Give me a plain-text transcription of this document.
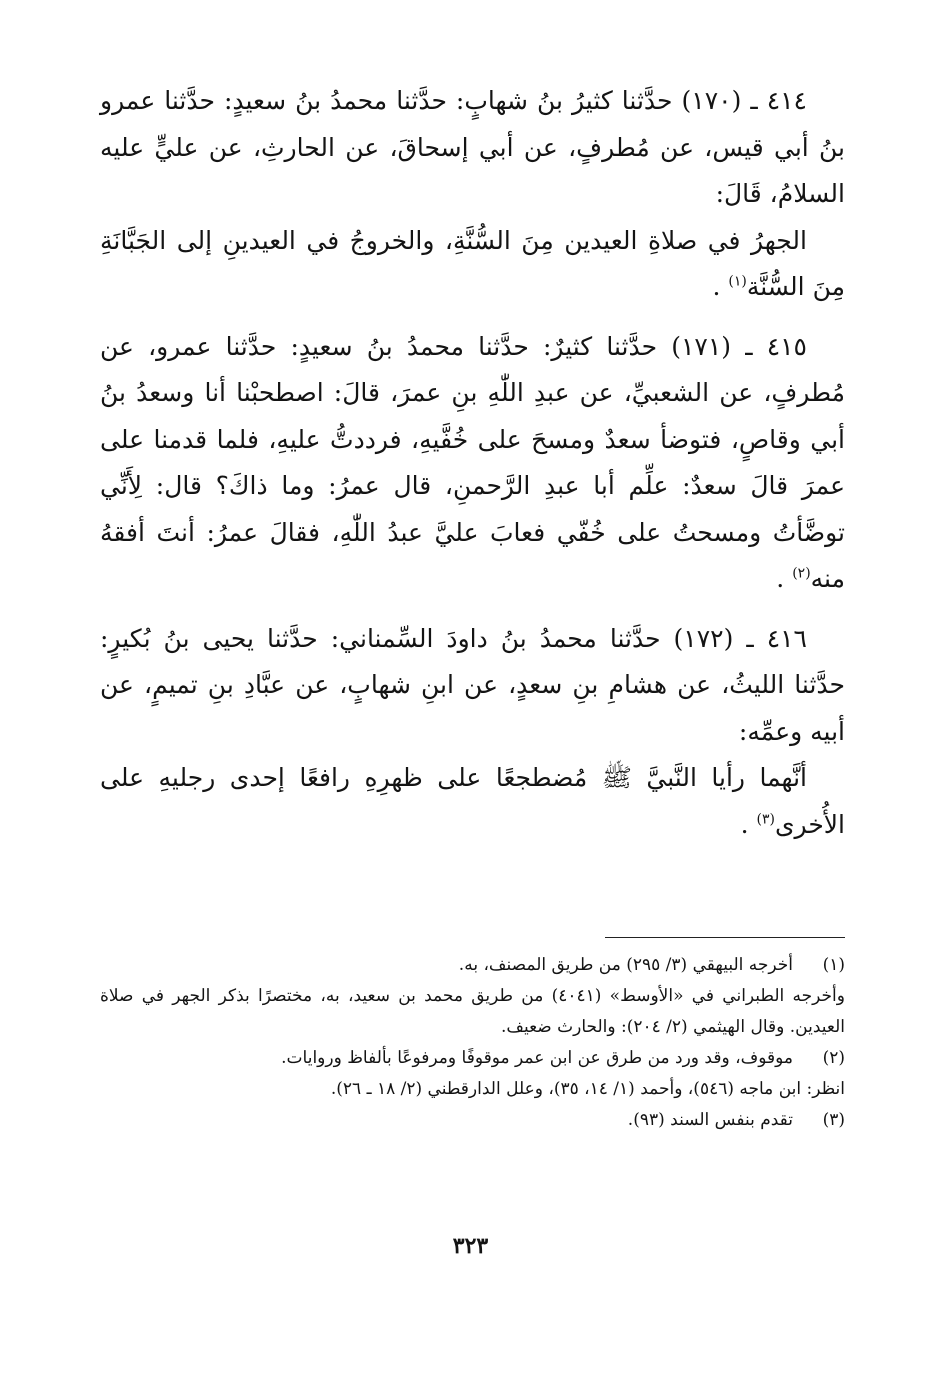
٤١٤ ـ (١٧٠) حدَّثنا كثيرُ بنُ شهابٍ: حدَّثنا محمدُ بنُ سعيدٍ: حدَّثنا عمرو بنُ أبي قيس، عن مُطرفٍ، عن أبي إسحاقَ، عن الحارثِ، عن عليٍّ عليه السلامُ، قَالَ:

الجهرُ في صلاةِ العيدين مِنَ السُّنَّةِ، والخروجُ في العيدينِ إلى الجَبَّانَةِ مِنَ السُّنَّة$^{(١)}$ .

٤١٥ ـ (١٧١) حدَّثنا كثيرٌ: حدَّثنا محمدُ بنُ سعيدٍ: حدَّثنا عمرو، عن مُطرفٍ، عن الشعبيِّ، عن عبدِ اللّٰهِ بنِ عمرَ، قالَ: اصطحبْنا أنا وسعدُ بنُ أبي وقاصٍ، فتوضأ سعدٌ ومسحَ على خُفَّيهِ، فرددتُّ عليهِ، فلما قدمنا على عمرَ قالَ سعدٌ: علِّم أبا عبدِ الرَّحمنِ، قال عمرُ: وما ذاكَ؟ قال: لِأَنِّي توضَّأتُ ومسحتُ على خُفّي فعابَ عليَّ عبدُ اللّٰهِ، فقالَ عمرُ: أنتَ أفقهُ منه$^{(٢)}$ .

٤١٦ ـ (١٧٢) حدَّثنا محمدُ بنُ داودَ السِّمناني: حدَّثنا يحيى بنُ بُكيرٍ: حدَّثنا الليثُ، عن هشامِ بنِ سعدٍ، عن ابنِ شهابٍ، عن عبَّادِ بنِ تميمٍ، عن أبيه وعمِّه:

أنَّهما رأيا النَّبيَّ ﷺ مُضطجعًا على ظهرِهِ رافعًا إحدى رجليهِ على الأُخرى$^{(٣)}$ .

(١)
أخرجه البيهقي (٣/ ٢٩٥) من طريق المصنف، به.

وأخرجه الطبراني في «الأوسط» (٤٠٤١) من طريق محمد بن سعيد، به، مختصرًا بذكر الجهر في صلاة العيدين. وقال الهيثمي (٢/ ٢٠٤): والحارث ضعيف.

(٢)
موقوف، وقد ورد من طرق عن ابن عمر موقوفًا ومرفوعًا بألفاظ وروايات.

انظر: ابن ماجه (٥٤٦)، وأحمد (١/ ١٤، ٣٥)، وعلل الدارقطني (٢/ ١٨ ـ ٢٦).

(٣)
تقدم بنفس السند (٩٣).
٣٢٣
